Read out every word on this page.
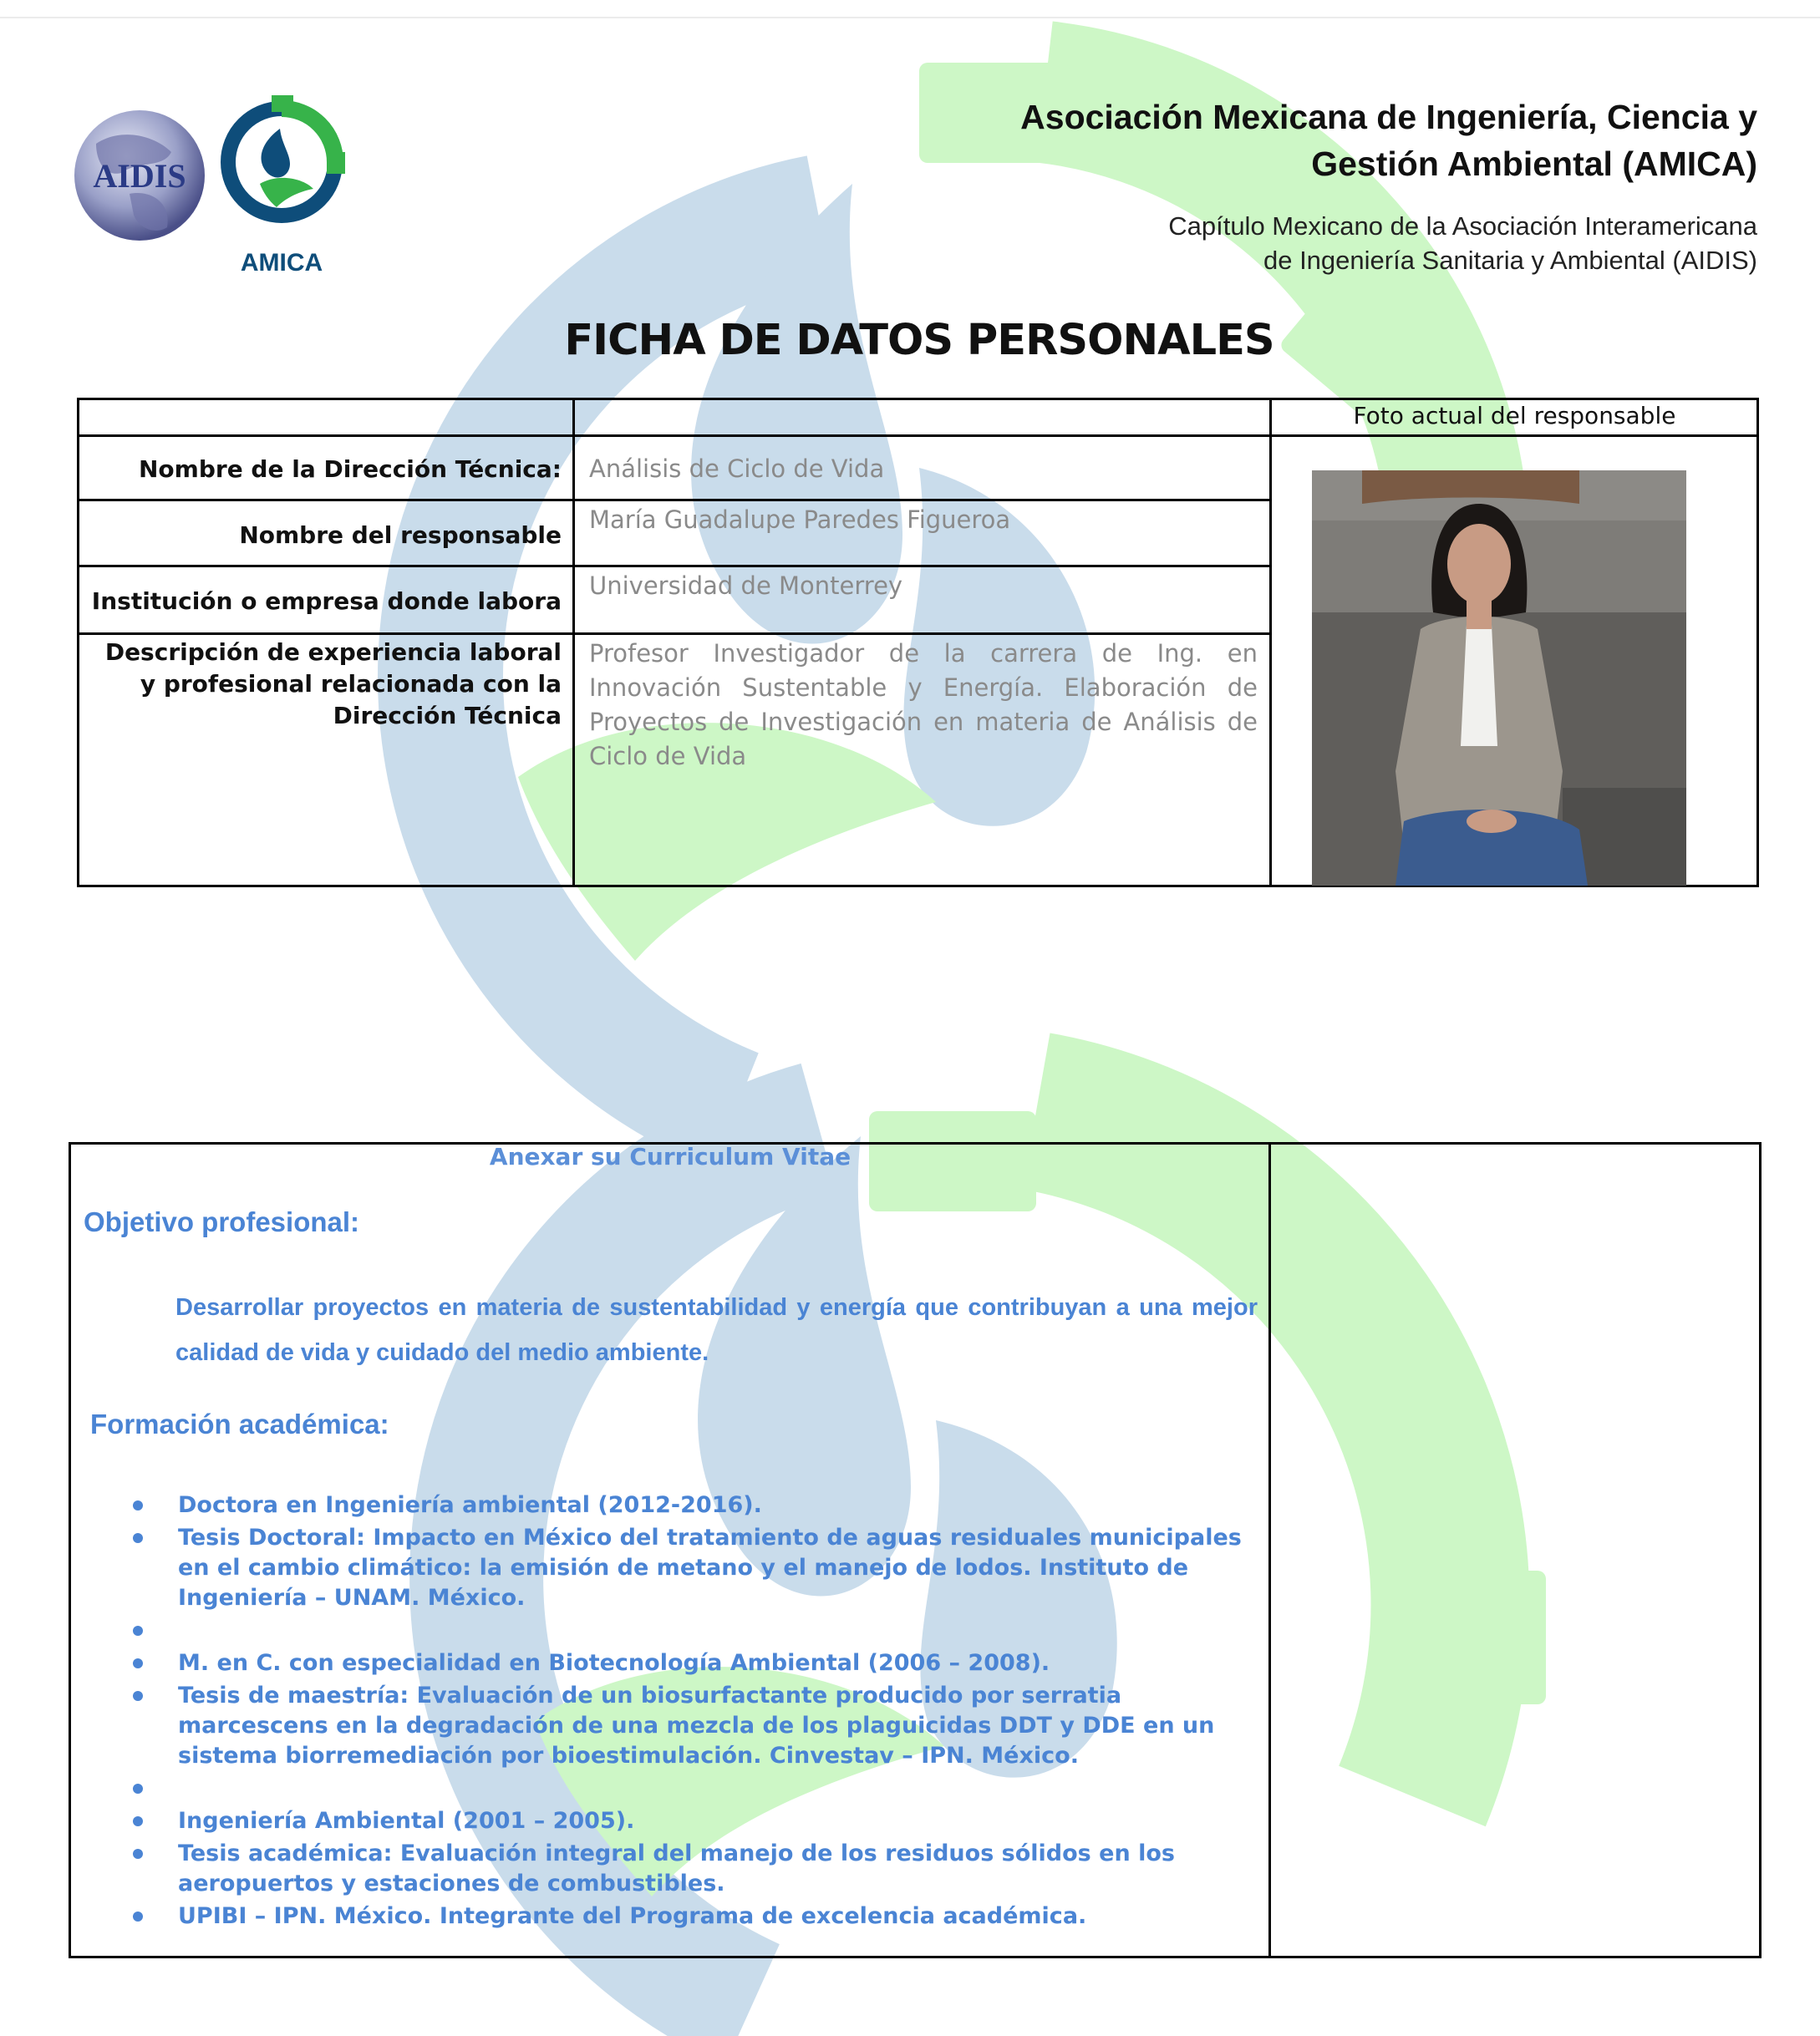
AIDIS
AMICA
Asociación Mexicana de Ingeniería, Ciencia y
Gestión Ambiental (AMICA)
Capítulo Mexicano de la Asociación Interamericana
de Ingeniería Sanitaria y Ambiental (AIDIS)
FICHA DE DATOS PERSONALES
Foto actual del responsable
Nombre de la Dirección Técnica: Análisis de Ciclo de Vida
Nombre del responsable
María Guadalupe Paredes Figueroa
Institución o empresa donde labora
Universidad de Monterrey
Descripción de experiencia laboral y profesional relacionada con la Dirección Técnica
Profesor Investigador de la carrera de Ing. en Innovación Sustentable y Energía. Elaboración de Proyectos de Investigación en materia de Análisis de Ciclo de Vida
Anexar su Curriculum Vitae
Objetivo profesional:
Desarrollar proyectos en materia de sustentabilidad y energía que contribuyan a una mejor calidad de vida y cuidado del medio ambiente.
Formación académica:
Doctora en Ingeniería ambiental (2012-2016).
Tesis Doctoral: Impacto en México del tratamiento de aguas residuales municipales en el cambio climático: la emisión de metano y el manejo de lodos. Instituto de Ingeniería – UNAM. México.
M. en C. con especialidad en Biotecnología Ambiental (2006 – 2008).
Tesis de maestría: Evaluación de un biosurfactante producido por serratia marcescens en la degradación de una mezcla de los plaguicidas DDT y DDE en un sistema biorremediación por bioestimulación. Cinvestav – IPN. México.
Ingeniería Ambiental (2001 – 2005).
Tesis académica: Evaluación integral del manejo de los residuos sólidos en los aeropuertos y estaciones de combustibles.
UPIBI – IPN. México. Integrante del Programa de excelencia académica.
